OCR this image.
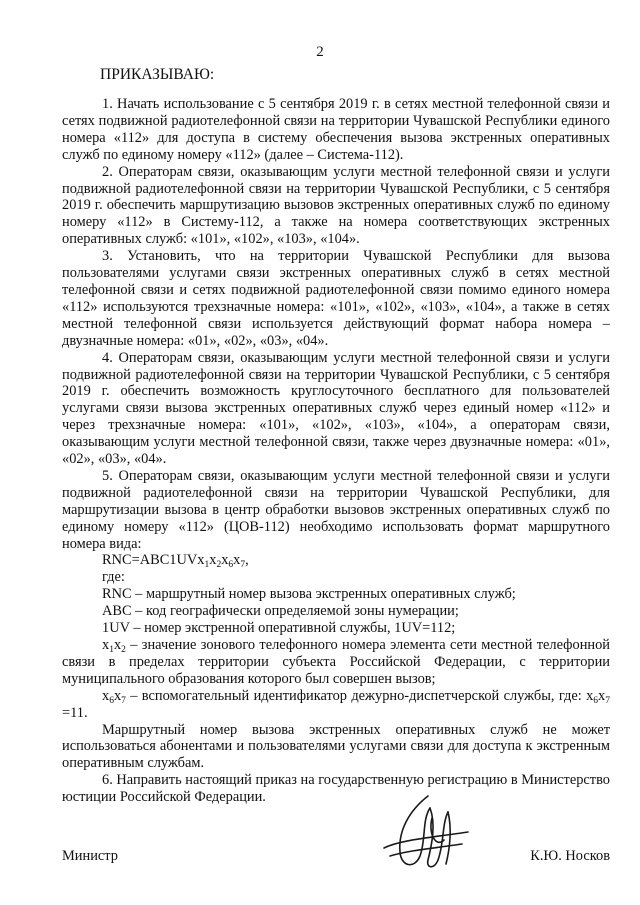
2
ПРИКАЗЫВАЮ:

1. Начать использование с 5 сентября 2019 г. в сетях местной телефонной связи и сетях подвижной радиотелефонной связи на территории Чувашской Республики единого номера «112» для доступа в систему обеспечения вызова экстренных оперативных служб по единому номеру «112» (далее – Система-112).

2. Операторам связи, оказывающим услуги местной телефонной связи и услуги подвижной радиотелефонной связи на территории Чувашской Республики, с 5 сентября 2019 г. обеспечить маршрутизацию вызовов экстренных оперативных служб по единому номеру «112» в Систему-112, а также на номера соответствующих экстренных оперативных служб: «101», «102», «103», «104».

3. Установить, что на территории Чувашской Республики для вызова пользователями услугами связи экстренных оперативных служб в сетях местной телефонной связи и сетях подвижной радиотелефонной связи помимо единого номера «112» используются трехзначные номера: «101», «102», «103», «104», а также в сетях местной телефонной связи используется действующий формат набора номера – двузначные номера: «01», «02», «03», «04».

4. Операторам связи, оказывающим услуги местной телефонной связи и услуги подвижной радиотелефонной связи на территории Чувашской Республики, с 5 сентября 2019 г. обеспечить возможность круглосуточного бесплатного для пользователей услугами связи вызова экстренных оперативных служб через единый номер «112» и через трехзначные номера: «101», «102», «103», «104», а операторам связи, оказывающим услуги местной телефонной связи, также через двузначные номера: «01», «02», «03», «04».

5. Операторам связи, оказывающим услуги местной телефонной связи и услуги подвижной радиотелефонной связи на территории Чувашской Республики, для маршрутизации вызова в центр обработки вызовов экстренных оперативных служб по единому номеру «112» (ЦОВ-112) необходимо использовать формат маршрутного номера вида:

$RNC=ABC1UVx_1x_2x_6x_7$,

где:

RNC – маршрутный номер вызова экстренных оперативных служб;

ABC – код географически определяемой зоны нумерации;

1UV – номер экстренной оперативной службы, 1UV=112;

$x_1x_2$ – значение зонового телефонного номера элемента сети местной телефонной связи в пределах территории субъекта Российской Федерации, с территории муниципального образования которого был совершен вызов;

$x_6x_7$ – вспомогательный идентификатор дежурно-диспетчерской службы, где: $x_6x_7 =11$.

Маршрутный номер вызова экстренных оперативных служб не может использоваться абонентами и пользователями услугами связи для доступа к экстренным оперативным службам.

6. Направить настоящий приказ на государственную регистрацию в Министерство юстиции Российской Федерации.

Министр	К.Ю. Носков
